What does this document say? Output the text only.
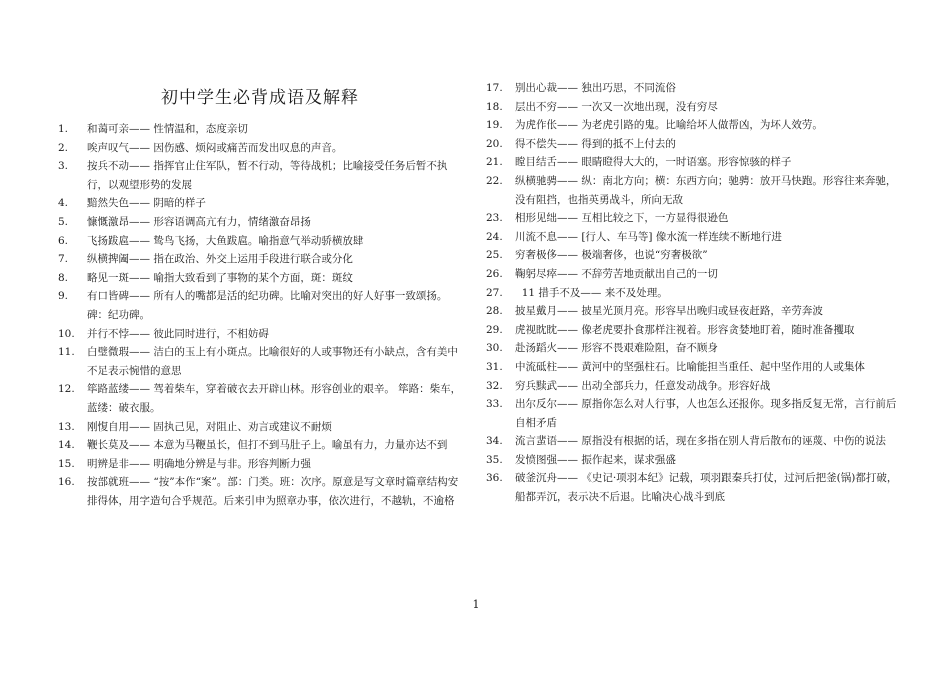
初中学生必背成语及解释
1.	和蔼可亲—— 性情温和，态度亲切
2.	唉声叹气—— 因伤感、烦闷或痛苦而发出叹息的声音。
3.	按兵不动—— 指挥官止住军队，暂不行动，等待战机；比喻接受任务后暂不执行，以观望形势的发展
4.	黯然失色—— 阴暗的样子
5.	慷慨激昂—— 形容语调高亢有力，情绪激奋昂扬
6.	飞扬跋扈—— 鸷鸟飞扬，大鱼跋扈。喻指意气举动骄横放肆
7.	纵横捭阖—— 指在政治、外交上运用手段进行联合或分化
8.	略见一斑—— 喻指大致看到了事物的某个方面，斑：斑纹
9.	有口皆碑—— 所有人的嘴都是活的纪功碑。比喻对突出的好人好事一致颂扬。 碑：纪功碑。
10.	并行不悖—— 彼此同时进行，不相妨碍
11.	白璧微瑕—— 洁白的玉上有小斑点。比喻很好的人或事物还有小缺点，含有美中不足表示惋惜的意思
12.	筚路蓝缕—— 驾着柴车，穿着破衣去开辟山林。形容创业的艰辛。 筚路：柴车，蓝缕：破衣服。
13.	刚愎自用—— 固执己见，对阻止、劝言或建议不耐烦
14.	鞭长莫及—— 本意为马鞭虽长，但打不到马肚子上。喻虽有力，力量亦达不到
15.	明辨是非—— 明确地分辨是与非。形容判断力强
16.	按部就班—— “按”本作“案”。部：门类。班：次序。原意是写文章时篇章结构安排得体，用字造句合乎规范。后来引申为照章办事，依次进行，不越轨，不逾格
17.	别出心裁—— 独出巧思，不同流俗
18.	层出不穷—— 一次又一次地出现，没有穷尽
19.	为虎作伥—— 为老虎引路的鬼。比喻给坏人做帮凶，为坏人效劳。
20.	得不偿失—— 得到的抵不上付去的
21.	瞠目结舌—— 眼睛瞪得大大的，一时语塞。形容惊骇的样子
22.	纵横驰骋—— 纵：南北方向；横：东西方向；驰骋：放开马快跑。形容往来奔驰，没有阻挡，也指英勇战斗，所向无敌
23.	相形见绌—— 互相比较之下，一方显得很逊色
24.	川流不息—— [行人、车马等] 像水流一样连续不断地行进
25.	穷奢极侈—— 极端奢侈，也说“穷奢极欲”
26.	鞠躬尽瘁—— 不辞劳苦地贡献出自己的一切
27.	11 措手不及—— 来不及处理。
28.	披星戴月—— 披星光顶月亮。形容早出晚归或昼夜赶路，辛劳奔波
29.	虎视眈眈—— 像老虎要扑食那样注视着。形容贪婪地盯着，随时准备攫取
30.	赴汤蹈火—— 形容不畏艰难险阻，奋不顾身
31.	中流砥柱—— 黄河中的坚强柱石。比喻能担当重任、起中坚作用的人或集体
32.	穷兵黩武—— 出动全部兵力，任意发动战争。形容好战
33.	出尔反尔—— 原指你怎么对人行事，人也怎么还报你。现多指反复无常，言行前后自相矛盾
34.	流言蜚语—— 原指没有根据的话，现在多指在别人背后散布的诬蔑、中伤的说法
35.	发愤图强—— 振作起来，谋求强盛
36.	破釜沉舟—— 《史记·项羽本纪》记载，项羽跟秦兵打仗，过河后把釜(锅)都打破，船都弄沉，表示决不后退。比喻决心战斗到底
1
